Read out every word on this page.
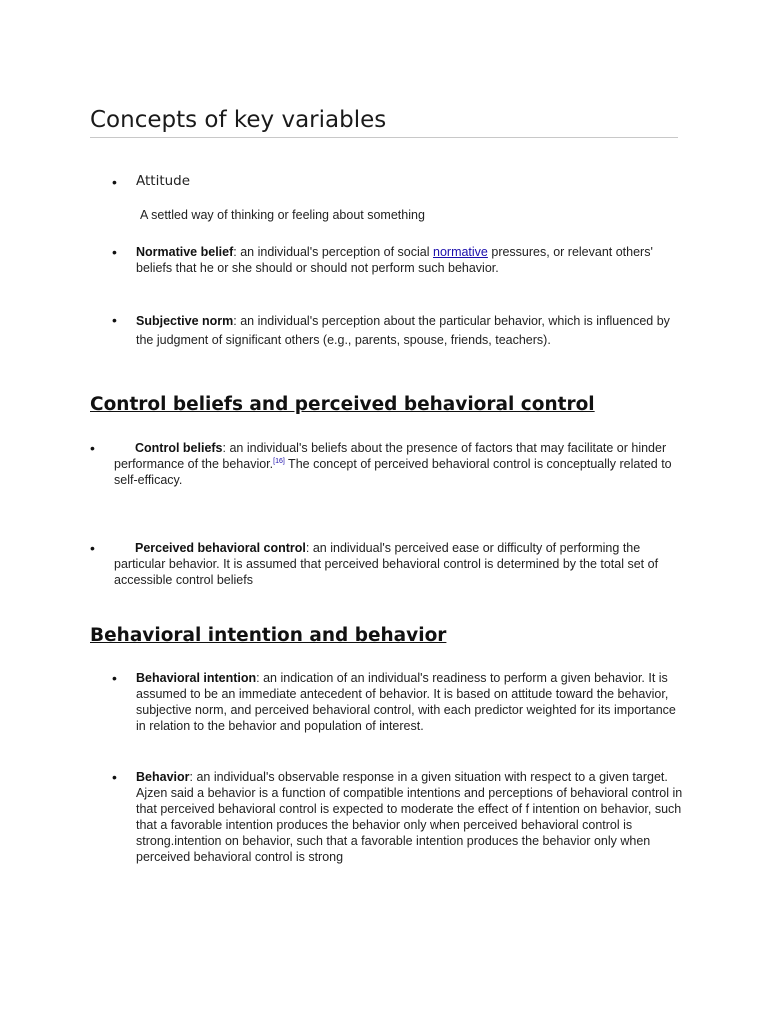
Concepts of key variables
• Attitude
A settled way of thinking or feeling about something
• Normative belief: an individual's perception of social normative pressures, or relevant others' beliefs that he or she should or should not perform such behavior.
• Subjective norm: an individual's perception about the particular behavior, which is influenced by the judgment of significant others (e.g., parents, spouse, friends, teachers).
Control beliefs and perceived behavioral control
•	Control beliefs: an individual's beliefs about the presence of factors that may facilitate or hinder performance of the behavior.[16] The concept of perceived behavioral control is conceptually related to self-efficacy.
•	Perceived behavioral control: an individual's perceived ease or difficulty of performing the particular behavior. It is assumed that perceived behavioral control is determined by the total set of accessible control beliefs
Behavioral intention and behavior
• Behavioral intention: an indication of an individual's readiness to perform a given behavior. It is assumed to be an immediate antecedent of behavior. It is based on attitude toward the behavior, subjective norm, and perceived behavioral control, with each predictor weighted for its importance in relation to the behavior and population of interest.
• Behavior: an individual's observable response in a given situation with respect to a given target. Ajzen said a behavior is a function of compatible intentions and perceptions of behavioral control in that perceived behavioral control is expected to moderate the effect of f intention on behavior, such that a favorable intention produces the behavior only when perceived behavioral control is strong.intention on behavior, such that a favorable intention produces the behavior only when perceived behavioral control is strong
